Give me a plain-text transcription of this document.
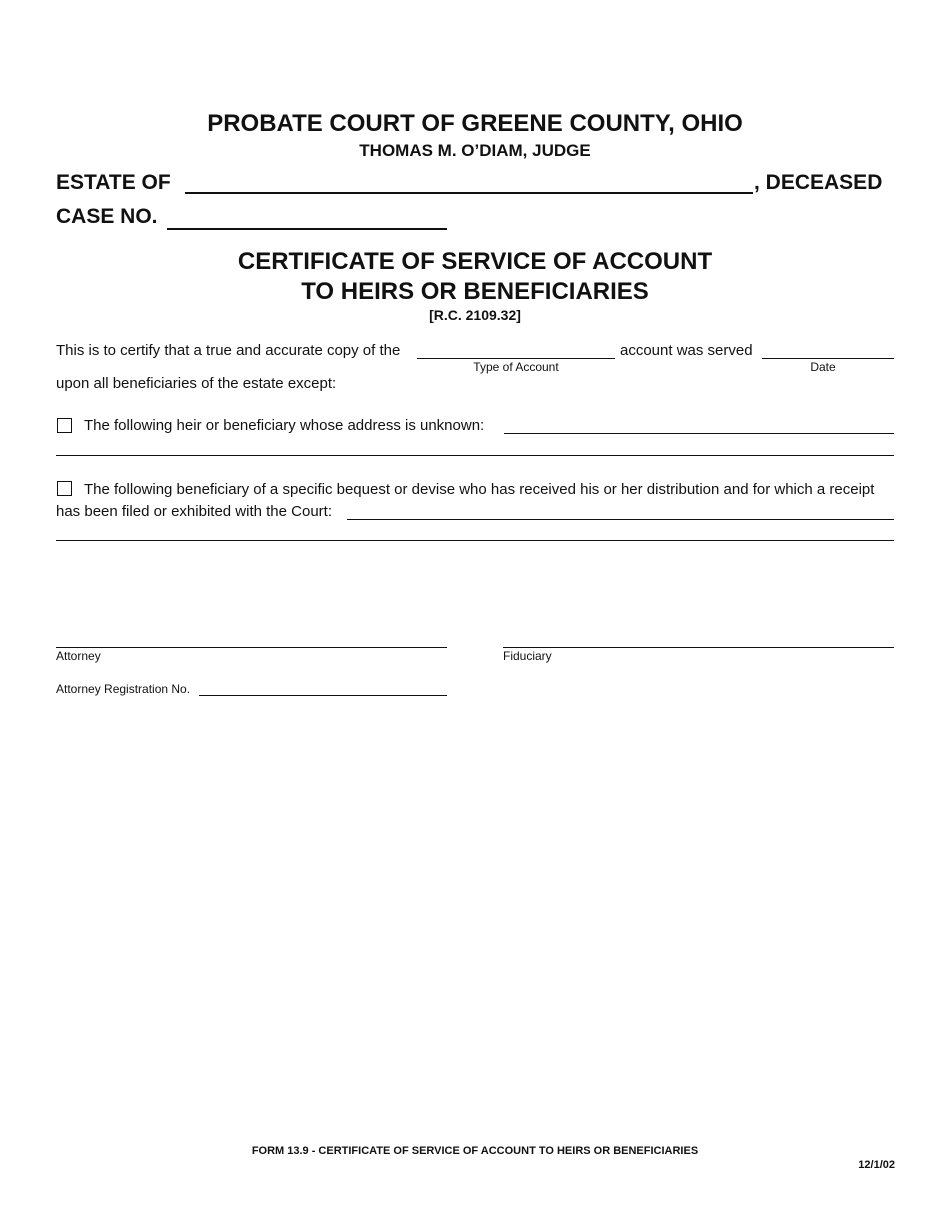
PROBATE COURT OF GREENE COUNTY, OHIO
THOMAS M. O’DIAM, JUDGE
ESTATE OF	, DECEASED
CASE NO.
CERTIFICATE OF SERVICE OF ACCOUNT
TO HEIRS OR BENEFICIARIES
[R.C. 2109.32]
This is to certify that a true and accurate copy of the
Type of Account
account was served
Date
upon all beneficiaries of the estate except:
The following heir or beneficiary whose address is unknown:
The following beneficiary of a specific bequest or devise who has received his or her distribution and for which a receipt
has been filed or exhibited with the Court:
Attorney	Fiduciary
Attorney Registration No.
FORM 13.9 - CERTIFICATE OF SERVICE OF ACCOUNT TO HEIRS OR BENEFICIARIES
12/1/02
